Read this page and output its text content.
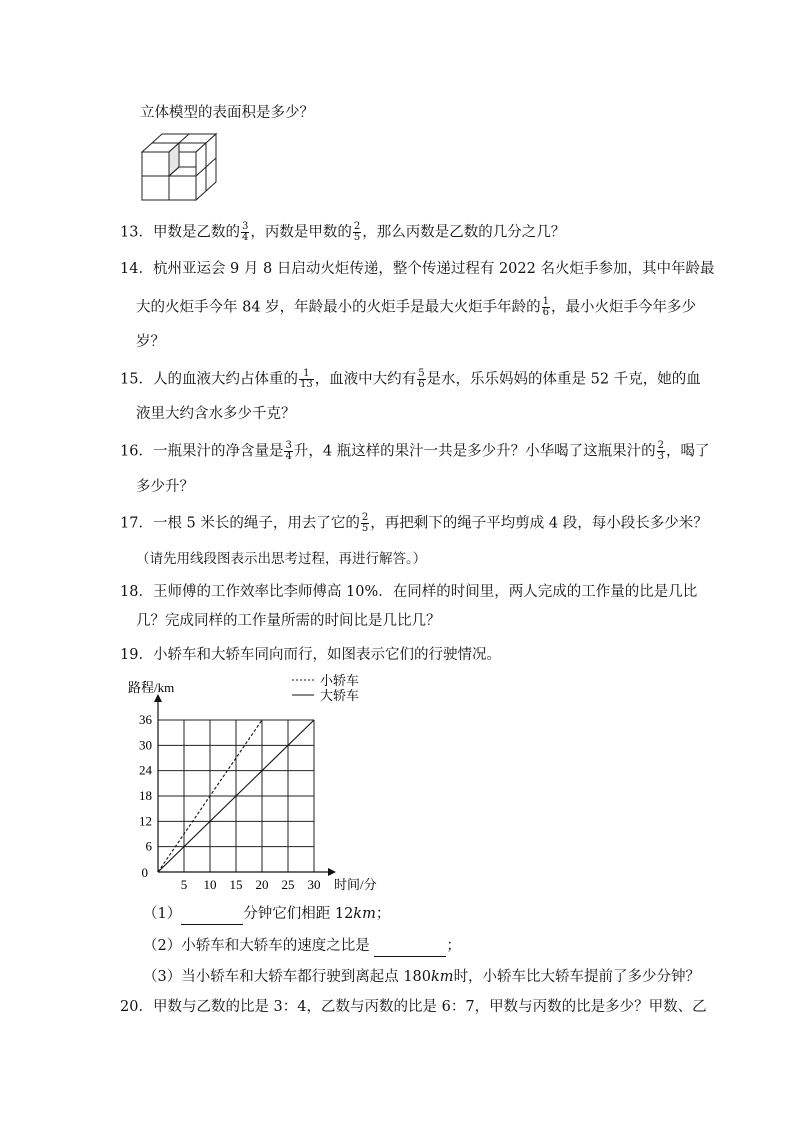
立体模型的表面积是多少？
13．甲数是乙数的 $\frac{3}{4}$ ，丙数是甲数的 $\frac{2}{5}$ ，那么丙数是乙数的几分之几？
14．杭州亚运会 9 月 8 日启动火炬传递，整个传递过程有 2022 名火炬手参加，其中年龄最
大的火炬手今年 84 岁，年龄最小的火炬手是最大火炬手年龄的 $\frac{1}{6}$ ，最小火炬手今年多少
岁？
15．人的血液大约占体重的 $\frac{1}{13}$ ，血液中大约有 $\frac{5}{6}$ 是水，乐乐妈妈的体重是 52 千克，她的血
液里大约含水多少千克？
16．一瓶果汁的净含量是 $\frac{3}{4}$ 升，4 瓶这样的果汁一共是多少升？小华喝了这瓶果汁的 $\frac{2}{3}$ ，喝了
多少升？
17．一根 5 米长的绳子，用去了它的 $\frac{2}{5}$ ，再把剩下的绳子平均剪成 4 段，每小段长多少米？
（请先用线段图表示出思考过程，再进行解答。）
18．王师傅的工作效率比李师傅高 10%．在同样的时间里，两人完成的工作量的比是几比
几？完成同样的工作量所需的时间比是几比几？
19．小轿车和大轿车同向而行，如图表示它们的行驶情况。
5 10 15 20 25 30
6
12
18
24
30
36
0
时间/分
路程/km	小轿车
大轿车
（1）	分钟它们相距 12km；
（2）小轿车和大轿车的速度之比是	；
（3）当小轿车和大轿车都行驶到离起点 180km时，小轿车比大轿车提前了多少分钟？
20．甲数与乙数的比是 3：4，乙数与丙数的比是 6：7，甲数与丙数的比是多少？甲数、乙
